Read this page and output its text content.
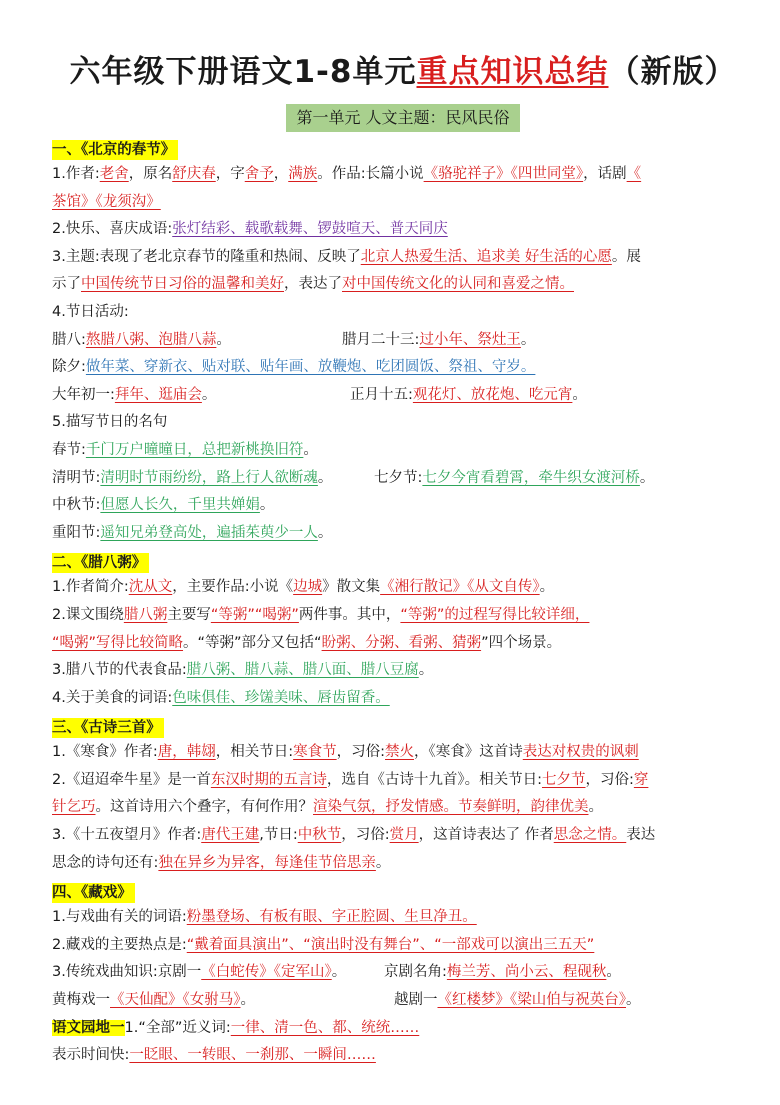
六年级下册语文1-8单元重点知识总结（新版）
第一单元 人文主题：民风民俗
一、《北京的春节》
1.作者:老舍，原名舒庆春，字舍予，满族。作品:长篇小说《骆驼祥子》《四世同堂》，话剧《
茶馆》《龙须沟》
2.快乐、喜庆成语:张灯结彩、载歌载舞、锣鼓喧天、普天同庆
3.主题:表现了老北京春节的隆重和热闹、反映了北京人热爱生活、追求美 好生活的心愿。展
示了中国传统节日习俗的温馨和美好，表达了对中国传统文化的认同和喜爱之情。
4.节日活动:
腊八:熬腊八粥、泡腊八蒜。	腊月二十三:过小年、祭灶王。
除夕:做年菜、穿新衣、贴对联、贴年画、放鞭炮、吃团圆饭、祭祖、守岁。
大年初一:拜年、逛庙会。	正月十五:观花灯、放花炮、吃元宵。
5.描写节日的名句
春节:千门万户曈曈日，总把新桃换旧符。
清明节:清明时节雨纷纷，路上行人欲断魂。	七夕节:七夕今宵看碧霄，牵牛织女渡河桥。
中秋节:但愿人长久，千里共婵娟。
重阳节:遥知兄弟登高处，遍插茱萸少一人。
二、《腊八粥》
1.作者简介:沈从文，主要作品:小说《边城》散文集《湘行散记》《从文自传》。
2.课文围绕腊八粥主要写“等粥”“喝粥”两件事。其中，“等粥”的过程写得比较详细，
“喝粥”写得比较简略。“等粥”部分又包括“盼粥、分粥、看粥、猜粥”四个场景。
3.腊八节的代表食品:腊八粥、腊八蒜、腊八面、腊八豆腐。
4.关于美食的词语:色味俱佳、珍馐美味、唇齿留香。
三、《古诗三首》
1.《寒食》作者:唐，韩翃，相关节日:寒食节，习俗:禁火，《寒食》这首诗表达对权贵的讽刺
2.《迢迢牵牛星》是一首东汉时期的五言诗，选自《古诗十九首》。相关节日:七夕节，习俗:穿
针乞巧。这首诗用六个叠字，有何作用？渲染气氛，抒发情感。节奏鲜明，韵律优美。
3.《十五夜望月》作者:唐代王建,节日:中秋节，习俗:赏月，这首诗表达了 作者思念之情。表达
思念的诗句还有:独在异乡为异客，每逢佳节倍思亲。
四、《藏戏》
1.与戏曲有关的词语:粉墨登场、有板有眼、字正腔圆、生旦净丑。
2.藏戏的主要热点是:“戴着面具演出”、“演出时没有舞台”、“一部戏可以演出三五天”
3.传统戏曲知识:京剧一《白蛇传》《定军山》。	京剧名角:梅兰芳、尚小云、程砚秋。
黄梅戏一《天仙配》《女驸马》。	越剧一《红楼梦》《梁山伯与祝英台》。
语文园地一1.“全部”近义词:一律、清一色、都、统统……
表示时间快:一眨眼、一转眼、一刹那、一瞬间……
